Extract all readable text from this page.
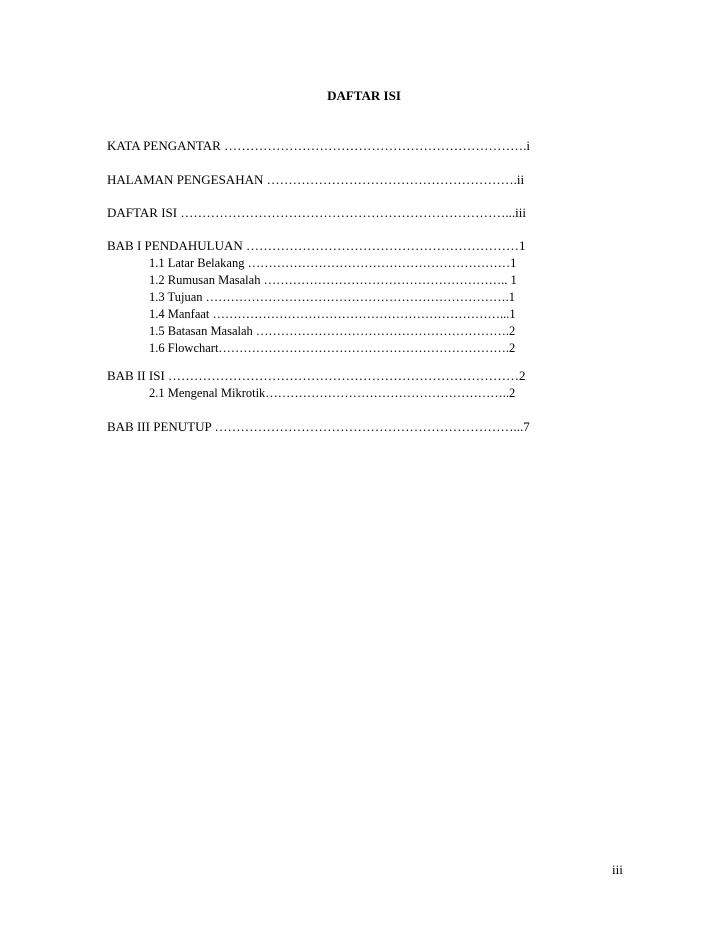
DAFTAR ISI
KATA PENGANTAR …………………………………………………………….i
HALAMAN PENGESAHAN ………………………………………………….ii
DAFTAR ISI …………………………………………………………………...iii
BAB I PENDAHULUAN ………………………………………………………1
1.1 Latar Belakang ………………………………………………………1
1.2 Rumusan Masalah ………………………………………………….. 1
1.3 Tujuan ……………………………………………………………….1
1.4 Manfaat ……………………………………………………………...1
1.5 Batasan Masalah …………………………………………………….2
1.6 Flowchart…………………………………………………………….2
BAB II ISI ………………………………………………………………………2
2.1 Mengenal Mikrotik…………………………………………………..2
BAB III PENUTUP ……………………………………………………………...7
iii
